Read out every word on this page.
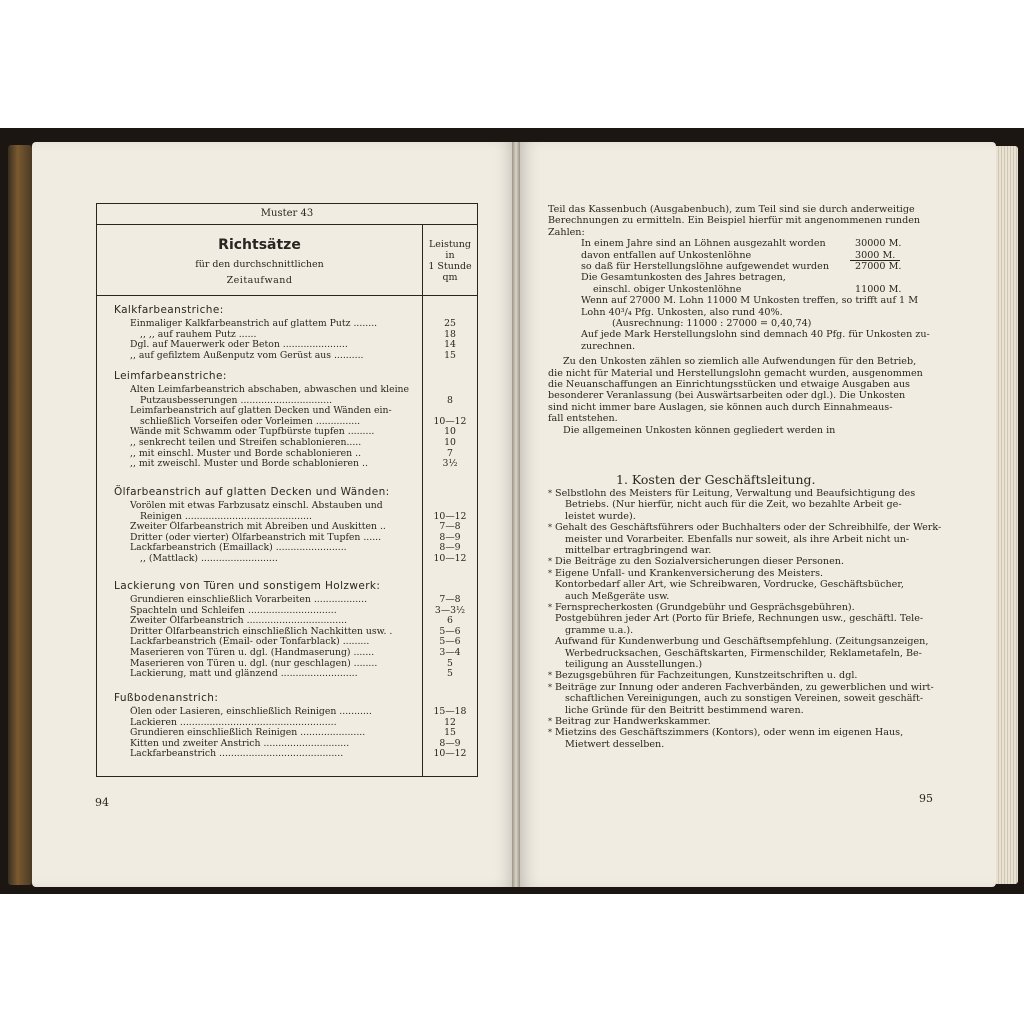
Muster 43
Richtsätze
für den durchschnittlichen
Zeitaufwand
Leistung
in
1 Stunde
qm
Kalkfarbeanstriche:
Einmaliger Kalkfarbeanstrich auf glattem Putz ........	25
,, ,, auf rauhem Putz ......	18
Dgl. auf Mauerwerk oder Beton ......................	14
,, auf gefilztem Außenputz vom Gerüst aus ..........	15
Leimfarbeanstriche:
Alten Leimfarbeanstrich abschaben, abwaschen und kleine
Putzausbesserungen ...............................	8
Leimfarbeanstrich auf glatten Decken und Wänden ein-
schließlich Vorseifen oder Vorleimen ...............	10—12
Wände mit Schwamm oder Tupfbürste tupfen .........	10
,, senkrecht teilen und Streifen schablonieren.....	10
,, mit einschl. Muster und Borde schablonieren ..	7
,, mit zweischl. Muster und Borde schablonieren ..	3½
Ölfarbeanstrich auf glatten Decken und Wänden:
Vorölen mit etwas Farbzusatz einschl. Abstauben und
Reinigen ...........................................	10—12
Zweiter Ölfarbeanstrich mit Abreiben und Auskitten ..	7—8
Dritter (oder vierter) Ölfarbeanstrich mit Tupfen ......	8—9
Lackfarbeanstrich (Emaillack) ........................	8—9
,, (Mattlack) ..........................	10—12
Lackierung von Türen und sonstigem Holzwerk:
Grundieren einschließlich Vorarbeiten ..................	7—8
Spachteln und Schleifen ..............................	3—3½
Zweiter Ölfarbeanstrich ..................................	6
Dritter Ölfarbeanstrich einschließlich Nachkitten usw. .	5—6
Lackfarbeanstrich (Email- oder Tonfarblack) .........	5—6
Maserieren von Türen u. dgl. (Handmaserung) .......	3—4
Maserieren von Türen u. dgl. (nur geschlagen) ........	5
Lackierung, matt und glänzend ..........................	5
Fußbodenanstrich:
Ölen oder Lasieren, einschließlich Reinigen ...........	15—18
Lackieren .....................................................	12
Grundieren einschließlich Reinigen ......................	15
Kitten und zweiter Anstrich .............................	8—9
Lackfarbeanstrich ..........................................	10—12
94
Teil das Kassenbuch (Ausgabenbuch), zum Teil sind sie durch anderweitige
Berechnungen zu ermitteln. Ein Beispiel hierfür mit angenommenen runden
Zahlen:
In einem Jahre sind an Löhnen ausgezahlt worden	30000 M.
davon entfallen auf Unkostenlöhne	3000 M.
so daß für Herstellungslöhne aufgewendet wurden	27000 M.
Die Gesamtunkosten des Jahres betragen,
einschl. obiger Unkostenlöhne	11000 M.
Wenn auf 27000 M. Lohn 11000 M Unkosten treffen, so trifft auf 1 M
Lohn 40³/₄ Pfg. Unkosten, also rund 40%.
(Ausrechnung: 11000 : 27000 = 0,40,74)
Auf jede Mark Herstellungslohn sind demnach 40 Pfg. für Unkosten zu-
zurechnen.
Zu den Unkosten zählen so ziemlich alle Aufwendungen für den Betrieb,
die nicht für Material und Herstellungslohn gemacht wurden, ausgenommen
die Neuanschaffungen an Einrichtungsstücken und etwaige Ausgaben aus
besonderer Veranlassung (bei Auswärtsarbeiten oder dgl.). Die Unkosten
sind nicht immer bare Auslagen, sie können auch durch Einnahmeaus-
fall entstehen.
Die allgemeinen Unkosten können gegliedert werden in
1. Kosten der Geschäftsleitung.
* Selbstlohn des Meisters für Leitung, Verwaltung und Beaufsichtigung des
Betriebs. (Nur hierfür, nicht auch für die Zeit, wo bezahlte Arbeit ge-
leistet wurde).
* Gehalt des Geschäftsführers oder Buchhalters oder der Schreibhilfe, der Werk-
meister und Vorarbeiter. Ebenfalls nur soweit, als ihre Arbeit nicht un-
mittelbar ertragbringend war.
* Die Beiträge zu den Sozialversicherungen dieser Personen.
* Eigene Unfall- und Krankenversicherung des Meisters.
Kontorbedarf aller Art, wie Schreibwaren, Vordrucke, Geschäftsbücher,
auch Meßgeräte usw.
* Fernsprecherkosten (Grundgebühr und Gesprächsgebühren).
Postgebühren jeder Art (Porto für Briefe, Rechnungen usw., geschäftl. Tele-
gramme u.a.).
Aufwand für Kundenwerbung und Geschäftsempfehlung. (Zeitungsanzeigen,
Werbedrucksachen, Geschäftskarten, Firmenschilder, Reklametafeln, Be-
teiligung an Ausstellungen.)
* Bezugsgebühren für Fachzeitungen, Kunstzeitschriften u. dgl.
* Beiträge zur Innung oder anderen Fachverbänden, zu gewerblichen und wirt-
schaftlichen Vereinigungen, auch zu sonstigen Vereinen, soweit geschäft-
liche Gründe für den Beitritt bestimmend waren.
* Beitrag zur Handwerkskammer.
* Mietzins des Geschäftszimmers (Kontors), oder wenn im eigenen Haus,
Mietwert desselben.
95
